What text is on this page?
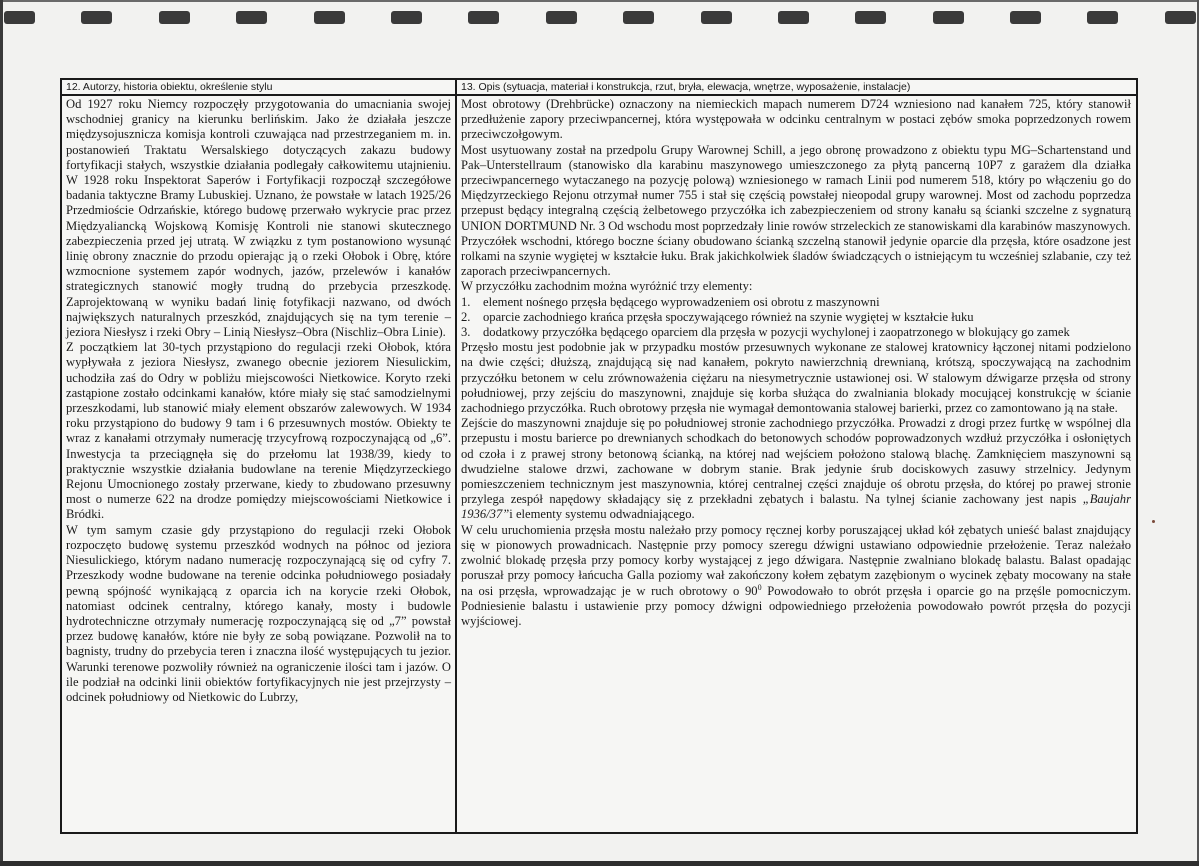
12. Autorzy, historia obiektu, określenie stylu	13. Opis (sytuacja, materiał i konstrukcja, rzut, bryła, elewacja, wnętrze, wyposażenie, instalacje)

Od 1927 roku Niemcy rozpoczęły przygotowania do umacniania swojej wschodniej granicy na kierunku berlińskim. Jako że działała jeszcze międzysojusznicza komisja kontroli czuwająca nad przestrzeganiem m. in. postanowień Traktatu Wersalskiego dotyczących zakazu budowy fortyfikacji stałych, wszystkie działania podlegały całkowitemu utajnieniu. W 1928 roku Inspektorat Saperów i Fortyfikacji rozpoczął szczegółowe badania taktyczne Bramy Lubuskiej. Uznano, że powstałe w latach 1925/26 Przedmioście Odrzańskie, którego budowę przerwało wykrycie prac przez Międzyaliancką Wojskową Komisję Kontroli nie stanowi skutecznego zabezpieczenia przed jej utratą. W związku z tym postanowiono wysunąć linię obrony znacznie do przodu opierając ją o rzeki Ołobok i Obrę, które wzmocnione systemem zapór wodnych, jazów, przelewów i kanałów strategicznych stanowić mogły trudną do przebycia przeszkodę. Zaprojektowaną w wyniku badań linię fotyfikacji nazwano, od dwóch największych naturalnych przeszkód, znajdujących się na tym terenie – jeziora Niesłysz i rzeki Obry – Linią Niesłysz–Obra (Nischliz–Obra Linie).

Z początkiem lat 30-tych przystąpiono do regulacji rzeki Ołobok, która wypływała z jeziora Niesłysz, zwanego obecnie jeziorem Niesulickim, uchodziła zaś do Odry w pobliżu miejscowości Nietkowice. Koryto rzeki zastąpione zostało odcinkami kanałów, które miały się stać samodzielnymi przeszkodami, lub stanowić miały element obszarów zalewowych. W 1934 roku przystąpiono do budowy 9 tam i 6 przesuwnych mostów. Obiekty te wraz z kanałami otrzymały numerację trzycyfrową rozpoczynającą od „6”. Inwestycja ta przeciągnęła się do przełomu lat 1938/39, kiedy to praktycznie wszystkie działania budowlane na terenie Międzyrzeckiego Rejonu Umocnionego zostały przerwane, kiedy to zbudowano przesuwny most o numerze 622 na drodze pomiędzy miejscowościami Nietkowice i Bródki.

W tym samym czasie gdy przystąpiono do regulacji rzeki Ołobok rozpoczęto budowę systemu przeszkód wodnych na północ od jeziora Niesulickiego, którym nadano numerację rozpoczynającą się od cyfry 7. Przeszkody wodne budowane na terenie odcinka południowego posiadały pewną spójność wynikającą z oparcia ich na korycie rzeki Ołobok, natomiast odcinek centralny, którego kanały, mosty i budowle hydrotechniczne otrzymały numerację rozpoczynającą się od „7” powstał przez budowę kanałów, które nie były ze sobą powiązane. Pozwolił na to bagnisty, trudny do przebycia teren i znaczna ilość występujących tu jezior. Warunki terenowe pozwoliły również na ograniczenie ilości tam i jazów. O ile podział na odcinki linii obiektów fortyfikacyjnych nie jest przejrzysty –odcinek południowy od Nietkowic do Lubrzy,

Most obrotowy (Drehbrücke) oznaczony na niemieckich mapach numerem D724 wzniesiono nad kanałem 725, który stanowił przedłużenie zapory przeciwpancernej, która występowała w odcinku centralnym w postaci zębów smoka poprzedzonych rowem przeciwczołgowym.

Most usytuowany został na przedpolu Grupy Warownej Schill, a jego obronę prowadzono z obiektu typu MG–Schartenstand und Pak–Unterstellraum (stanowisko dla karabinu maszynowego umieszczonego za płytą pancerną 10P7 z garażem dla działka przeciwpancernego wytaczanego na pozycję polową) wzniesionego w ramach Linii pod numerem 518, który po włączeniu go do Międzyrzeckiego Rejonu otrzymał numer 755 i stał się częścią powstałej nieopodal grupy warownej. Most od zachodu poprzedza przepust będący integralną częścią żelbetowego przyczółka ich zabezpieczeniem od strony kanału są ścianki szczelne z sygnaturą UNION DORTMUND Nr. 3 Od wschodu most poprzedzały linie rowów strzeleckich ze stanowiskami dla karabinów maszynowych.

Przyczółek wschodni, którego boczne ściany obudowano ścianką szczelną stanowił jedynie oparcie dla przęsła, które osadzone jest rolkami na szynie wygiętej w kształcie łuku. Brak jakichkolwiek śladów świadczących o istniejącym tu wcześniej szlabanie, czy też zaporach przeciwpancernych.

W przyczółku zachodnim można wyróżnić trzy elementy:

1. element nośnego przęsła będącego wyprowadzeniem osi obrotu z maszynowni
2. oparcie zachodniego krańca przęsła spoczywającego również na szynie wygiętej w kształcie łuku
3. dodatkowy przyczółka będącego oparciem dla przęsła w pozycji wychylonej i zaopatrzonego w blokujący go zamek

Przęsło mostu jest podobnie jak w przypadku mostów przesuwnych wykonane ze stalowej kratownicy łączonej nitami podzielono na dwie części; dłuższą, znajdującą się nad kanałem, pokryto nawierzchnią drewnianą, krótszą, spoczywającą na zachodnim przyczółku betonem w celu zrównoważenia ciężaru na niesymetrycznie ustawionej osi. W stalowym dźwigarze przęsła od strony południowej, przy zejściu do maszynowni, znajduje się korba służąca do zwalniania blokady mocującej konstrukcję w ścianie zachodniego przyczółka. Ruch obrotowy przęsła nie wymagał demontowania stalowej barierki, przez co zamontowano ją na stałe.

Zejście do maszynowni znajduje się po południowej stronie zachodniego przyczółka. Prowadzi z drogi przez furtkę w wspólnej dla przepustu i mostu barierce po drewnianych schodkach do betonowych schodów poprowadzonych wzdłuż przyczółka i osłoniętych od czoła i z prawej strony betonową ścianką, na której nad wejściem położono stalową blachę. Zamknięciem maszynowni są dwudzielne stalowe drzwi, zachowane w dobrym stanie. Brak jedynie śrub dociskowych zasuwy strzelnicy. Jedynym pomieszczeniem technicznym jest maszynownia, której centralnej części znajduje oś obrotu przęsła, do której po prawej stronie przylega zespół napędowy składający się z przekładni zębatych i balastu. Na tylnej ścianie zachowany jest napis „Baujahr 1936/37”i elementy systemu odwadniającego.

W celu uruchomienia przęsła mostu należało przy pomocy ręcznej korby poruszającej układ kół zębatych unieść balast znajdujący się w pionowych prowadnicach. Następnie przy pomocy szeregu dźwigni ustawiano odpowiednie przełożenie. Teraz należało zwolnić blokadę przęsła przy pomocy korby wystającej z jego dźwigara. Następnie zwalniano blokadę balastu. Balast opadając poruszał przy pomocy łańcucha Galla poziomy wał zakończony kołem zębatym zazębionym o wycinek zębaty mocowany na stałe na osi przęsła, wprowadzając je w ruch obrotowy o $90^0$ Powodowało to obrót przęsła i oparcie go na przęśle pomocniczym. Podniesienie balastu i ustawienie przy pomocy dźwigni odpowiedniego przełożenia powodowało powrót przęsła do pozycji wyjściowej.
